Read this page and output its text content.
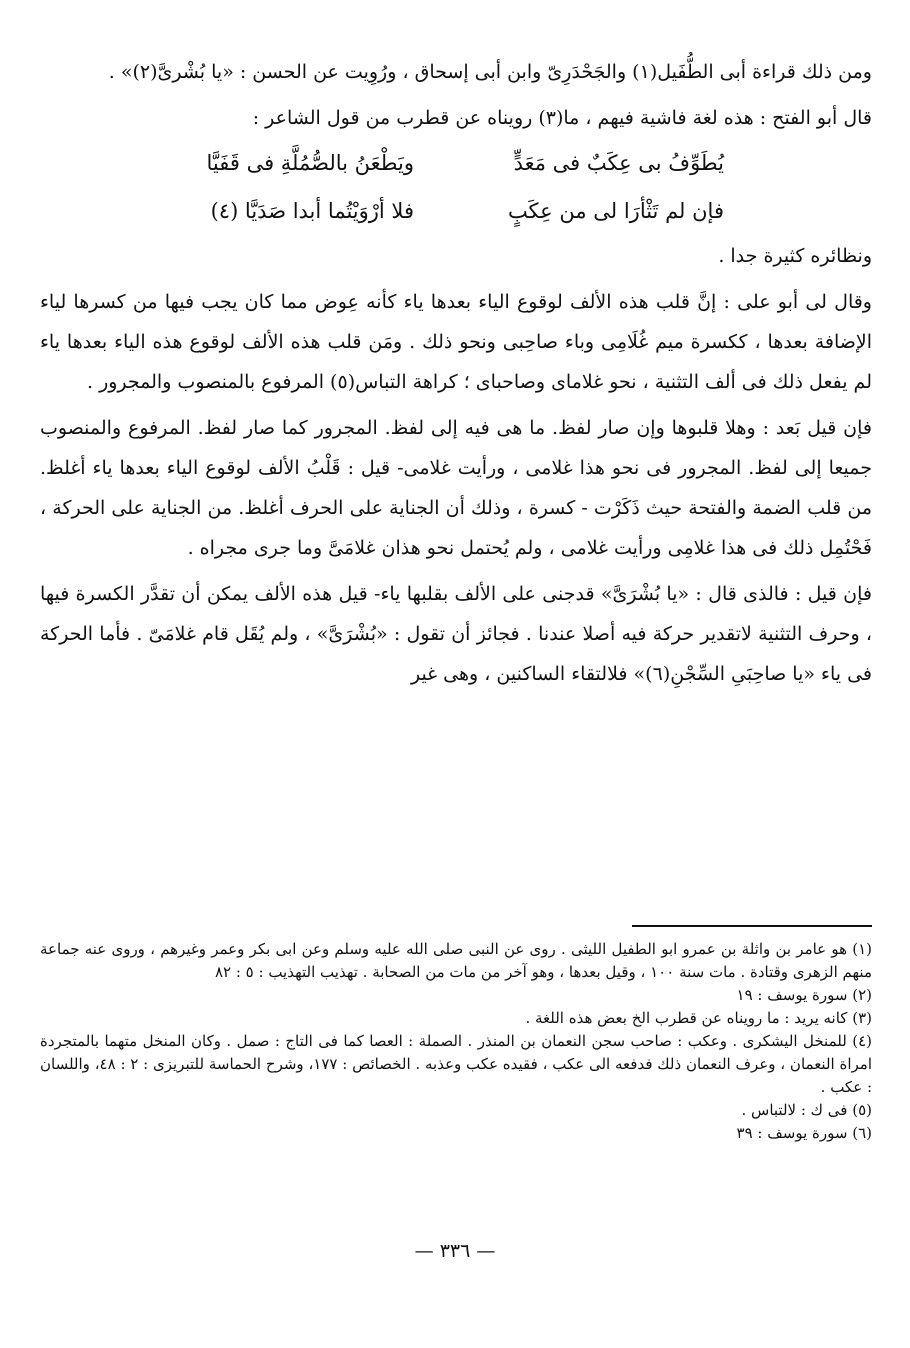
ومن ذلك قراءة أبى الطُّفَيل(١) والجَحْدَرِىّ وابن أبى إسحاق ، ورُوِيت عن الحسن : «يا بُشْرىَّ(٢)» .

قال أبو الفتح : هذه لغة فاشية فيهم ، ما(٣) رويناه عن قطرب من قول الشاعر :

يُطَوِّفُ بى عِكَبٌ فى مَعَدٍّ
ويَطْعَنُ بالصُّمُلَّةِ فى قَفَيَّا
فإن لم تَثْأرَا لى من عِكَبٍ
فلا أرْوَيْتُما أبدا صَدَيَّا (٤)

ونظائره كثيرة جدا .

وقال لى أبو على : إنَّ قلب هذه الألف لوقوع الياء بعدها ياء كأنه عِوض مما كان يجب فيها من كسرها لياء الإضافة بعدها ، ككسرة ميم غُلَامِى وباء صاحِبى ونحو ذلك . ومَن قلب هذه الألف لوقوع هذه الياء بعدها ياء لم يفعل ذلك فى ألف التثنية ، نحو غلاماى وصاحباى ؛ كراهة التباس(٥) المرفوع بالمنصوب والمجرور .

فإن قيل بَعد : وهلا قلبوها وإن صار لفظ. ما هى فيه إلى لفظ. المجرور كما صار لفظ. المرفوع والمنصوب جميعا إلى لفظ. المجرور فى نحو هذا غلامى ، ورأيت غلامى- قيل : قَلْبُ الألف لوقوع الياء بعدها ياء أغلظ. من قلب الضمة والفتحة حيث ذَكَرْت - كسرة ، وذلك أن الجناية على الحرف أغلظ. من الجناية على الحركة ، فَحْتُمِل ذلك فى هذا غلامِى ورأيت غلامى ، ولم يُحتمل نحو هذان غلامَىَّ وما جرى مجراه .

فإن قيل : فالذى قال : «يا بُشْرَىَّ» قدجنى على الألف بقلبها ياء- قيل هذه الألف يمكن أن تقدَّر الكسرة فيها ، وحرف التثنية لاتقدير حركة فيه أصلا عندنا . فجائز أن تقول : «بُشْرَىَّ» ، ولم يُقَل قام غلامَىّ . فأما الحركة فى ياء «يا صاحِبَىِ السِّجْنِ(٦)» فلالتقاء الساكنين ، وهى غير

(١) هو عامر بن واثلة بن عمرو ابو الطفيل الليثى . روى عن النبى صلى الله عليه وسلم وعن ابى بكر وعمر وغيرهم ، وروى عنه جماعة منهم الزهرى وقتادة . مات سنة ١٠٠ ، وقيل بعدها ، وهو آخر من مات من الصحابة . تهذيب التهذيب : ٥ : ٨٢

(٢) سورة يوسف : ١٩

(٣) كانه يريد : ما رويناه عن قطرب الخ بعض هذه اللغة .

(٤) للمنخل اليشكرى . وعكب : صاحب سجن النعمان بن المنذر . الصملة : العصا كما فى التاج : صمل . وكان المنخل متهما بالمتجردة امراة النعمان ، وعرف النعمان ذلك فدفعه الى عكب ، فقيده عكب وعذبه . الخصائص : ١٧٧، وشرح الحماسة للتبريزى : ٢ : ٤٨، واللسان : عكب .

(٥) فى ك : لالتباس .

(٦) سورة يوسف : ٣٩

— ٣٣٦ —
